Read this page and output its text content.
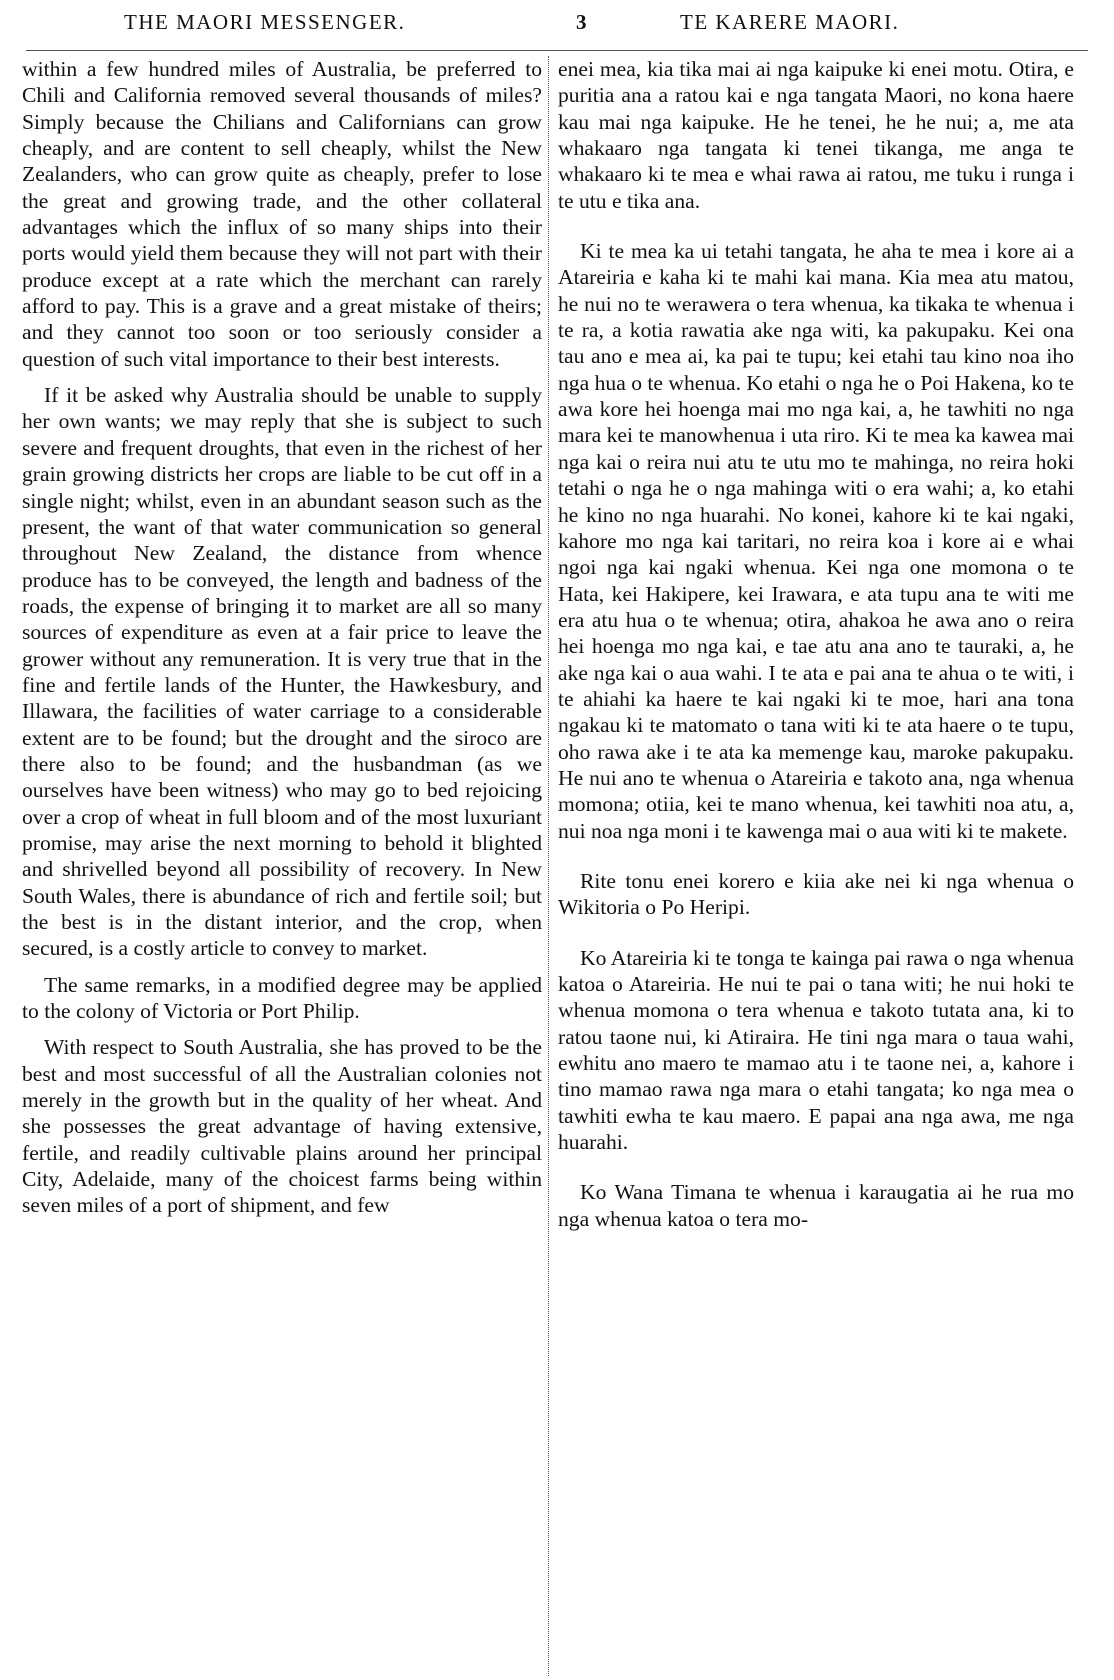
THE MAORI MESSENGER.	3	TE KARERE MAORI.

within a few hundred miles of Australia, be preferred to Chili and California removed several thousands of miles? Simply because the Chilians and Californians can grow cheaply, and are content to sell cheaply, whilst the New Zealanders, who can grow quite as cheaply, prefer to lose the great and growing trade, and the other collateral advantages which the influx of so many ships into their ports would yield them because they will not part with their produce except at a rate which the merchant can rarely afford to pay. This is a grave and a great mistake of theirs; and they cannot too soon or too seriously consider a question of such vital importance to their best interests.

If it be asked why Australia should be unable to supply her own wants; we may reply that she is subject to such severe and frequent droughts, that even in the richest of her grain growing districts her crops are liable to be cut off in a single night; whilst, even in an abundant season such as the present, the want of that water communication so general throughout New Zealand, the distance from whence produce has to be conveyed, the length and badness of the roads, the expense of bringing it to market are all so many sources of expenditure as even at a fair price to leave the grower without any remuneration. It is very true that in the fine and fertile lands of the Hunter, the Hawkesbury, and Illawara, the facilities of water carriage to a considerable extent are to be found; but the drought and the siroco are there also to be found; and the husbandman (as we ourselves have been witness) who may go to bed rejoicing over a crop of wheat in full bloom and of the most luxuriant promise, may arise the next morning to behold it blighted and shrivelled beyond all possibility of recovery. In New South Wales, there is abundance of rich and fertile soil; but the best is in the distant interior, and the crop, when secured, is a costly article to convey to market.

The same remarks, in a modified degree may be applied to the colony of Victoria or Port Philip.

With respect to South Australia, she has proved to be the best and most successful of all the Australian colonies not merely in the growth but in the quality of her wheat. And she possesses the great advantage of having extensive, fertile, and readily cultivable plains around her principal City, Adelaide, many of the choicest farms being within seven miles of a port of shipment, and few

enei mea, kia tika mai ai nga kaipuke ki enei motu. Otira, e puritia ana a ratou kai e nga tangata Maori, no kona haere kau mai nga kaipuke. He he tenei, he he nui; a, me ata whakaaro nga tangata ki tenei tikanga, me anga te whakaaro ki te mea e whai rawa ai ratou, me tuku i runga i te utu e tika ana.

Ki te mea ka ui tetahi tangata, he aha te mea i kore ai a Atareiria e kaha ki te mahi kai mana. Kia mea atu matou, he nui no te werawera o tera whenua, ka tikaka te whenua i te ra, a kotia rawatia ake nga witi, ka pakupaku. Kei ona tau ano e mea ai, ka pai te tupu; kei etahi tau kino noa iho nga hua o te whenua. Ko etahi o nga he o Poi Hakena, ko te awa kore hei hoenga mai mo nga kai, a, he tawhiti no nga mara kei te manowhenua i uta riro. Ki te mea ka kawea mai nga kai o reira nui atu te utu mo te mahinga, no reira hoki tetahi o nga he o nga mahinga witi o era wahi; a, ko etahi he kino no nga huarahi. No konei, kahore ki te kai ngaki, kahore mo nga kai taritari, no reira koa i kore ai e whai ngoi nga kai ngaki whenua. Kei nga one momona o te Hata, kei Hakipere, kei Irawara, e ata tupu ana te witi me era atu hua o te whenua; otira, ahakoa he awa ano o reira hei hoenga mo nga kai, e tae atu ana ano te tauraki, a, he ake nga kai o aua wahi. I te ata e pai ana te ahua o te witi, i te ahiahi ka haere te kai ngaki ki te moe, hari ana tona ngakau ki te matomato o tana witi ki te ata haere o te tupu, oho rawa ake i te ata ka memenge kau, maroke pakupaku. He nui ano te whenua o Atareiria e takoto ana, nga whenua momona; otiia, kei te mano whenua, kei tawhiti noa atu, a, nui noa nga moni i te kawenga mai o aua witi ki te makete.

Rite tonu enei korero e kiia ake nei ki nga whenua o Wikitoria o Po Heripi.

Ko Atareiria ki te tonga te kainga pai rawa o nga whenua katoa o Atareiria. He nui te pai o tana witi; he nui hoki te whenua momona o tera whenua e takoto tutata ana, ki to ratou taone nui, ki Atiraira. He tini nga mara o taua wahi, ewhitu ano maero te mamao atu i te taone nei, a, kahore i tino mamao rawa nga mara o etahi tangata; ko nga mea o tawhiti ewha te kau maero. E papai ana nga awa, me nga huarahi.

Ko Wana Timana te whenua i karaugatia ai he rua mo nga whenua katoa o tera mo-
